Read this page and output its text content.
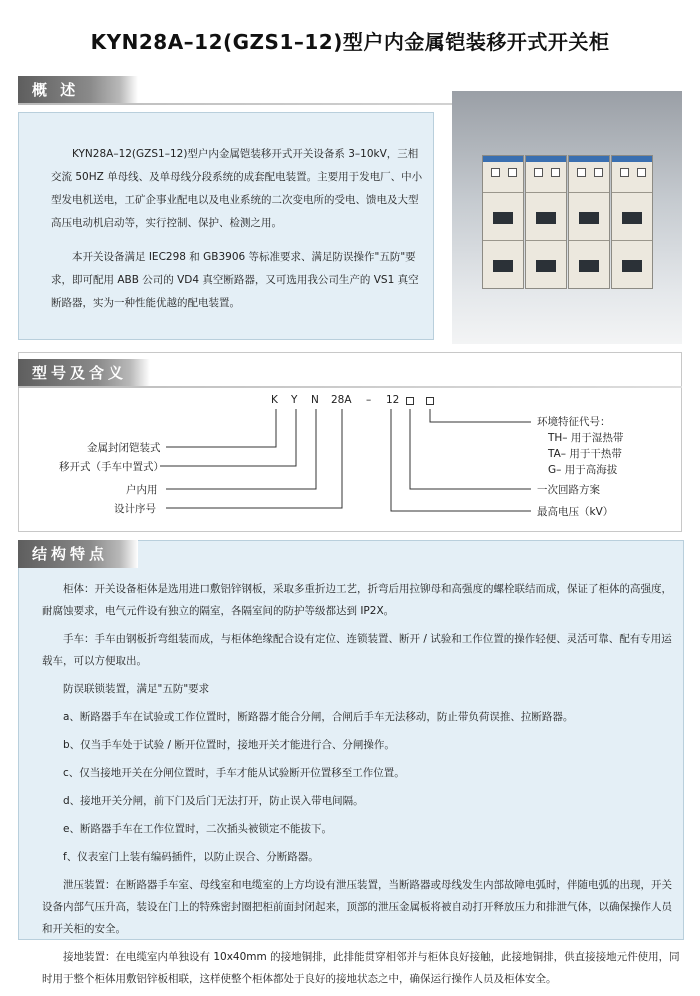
KYN28A–12(GZS1–12)型户内金属铠装移开式开关柜
概 述

KYN28A–12(GZS1–12)型户内金属铠装移开式开关设备系 3–10kV，三相交流 50HZ 单母线、及单母线分段系统的成套配电装置。主要用于发电厂、中小型发电机送电，工矿企事业配电以及电业系统的二次变电所的受电、馈电及大型高压电动机启动等，实行控制、保护、检测之用。

本开关设备满足 IEC298 和 GB3906 等标准要求、满足防误操作"五防"要求，即可配用 ABB 公司的 VD4 真空断路器，又可选用我公司生产的 VS1 真空断路器，实为一种性能优越的配电装置。

型号及含义
K Y N 28A – 12
金属封闭铠装式
移开式（手车中置式）
户内用
设计序号
环境特征代号：
TH– 用于湿热带
TA– 用于干热带
G– 用于高海拔
一次回路方案
最高电压（kV）
结构特点

柜体：开关设备柜体是选用进口敷铝锌钢板，采取多重折边工艺，折弯后用拉铆母和高强度的螺栓联结而成，保证了柜体的高强度，耐腐蚀要求，电气元件设有独立的隔室，各隔室间的防护等级都达到 IP2X。

手车：手车由钢板折弯组装而成，与柜体绝缘配合设有定位、连锁装置、断开 / 试验和工作位置的操作轻便、灵活可靠、配有专用运载车，可以方便取出。

防误联锁装置，满足"五防"要求

a、断路器手车在试验或工作位置时，断路器才能合分闸，合闸后手车无法移动，防止带负荷误推、拉断路器。

b、仅当手车处于试验 / 断开位置时，接地开关才能进行合、分闸操作。

c、仅当接地开关在分闸位置时，手车才能从试验断开位置移至工作位置。

d、接地开关分闸，前下门及后门无法打开，防止误入带电间隔。

e、断路器手车在工作位置时，二次插头被锁定不能拔下。

f、仪表室门上装有编码插件，以防止误合、分断路器。

泄压装置：在断路器手车室、母线室和电缆室的上方均设有泄压装置，当断路器或母线发生内部故障电弧时，伴随电弧的出现，开关设备内部气压升高，装设在门上的特殊密封圈把柜前面封闭起来，顶部的泄压金属板将被自动打开释放压力和排泄气体，以确保操作人员和开关柜的安全。

接地装置：在电缆室内单独设有 10x40mm 的接地铜排，此排能贯穿相邻并与柜体良好接触，此接地铜排，供直接接地元件使用，同时用于整个柜体用敷铝锌板相联，这样使整个柜体都处于良好的接地状态之中，确保运行操作人员及柜体安全。
